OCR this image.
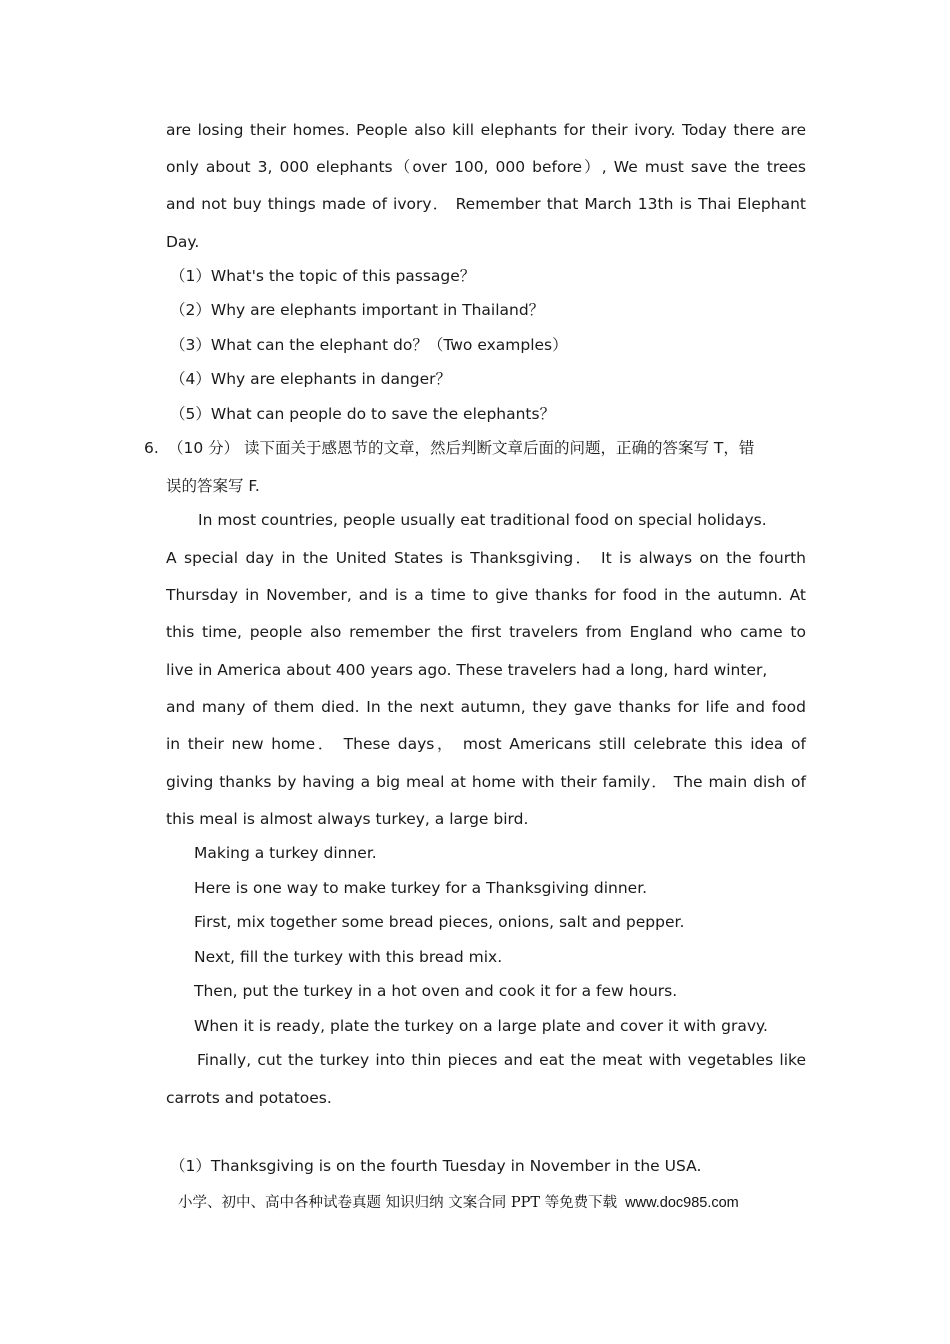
are losing their homes. People also kill elephants for their ivory. Today there are
only about 3, 000 elephants（over 100, 000 before）, We must save the trees
and not buy things made of ivory． Remember that March 13th is Thai Elephant
Day.
（1）What's the topic of this passage？
（2）Why are elephants important in Thailand？
（3）What can the elephant do？（Two examples）
（4）Why are elephants in danger？
（5）What can people do to save the elephants？
6. （10 分） 读下面关于感恩节的文章，然后判断文章后面的问题，正确的答案写 T，错
误的答案写 F.
In most countries, people usually eat traditional food on special holidays.
A special day in the United States is Thanksgiving． It is always on the fourth
Thursday in November, and is a time to give thanks for food in the autumn. At
this time, people also remember the first travelers from England who came to
live in America about 400 years ago. These travelers had a long, hard winter,
and many of them died. In the next autumn, they gave thanks for life and food
in their new home． These days， most Americans still celebrate this idea of
giving thanks by having a big meal at home with their family． The main dish of
this meal is almost always turkey, a large bird.
Making a turkey dinner.
Here is one way to make turkey for a Thanksgiving dinner.
First, mix together some bread pieces, onions, salt and pepper.
Next, fill the turkey with this bread mix.
Then, put the turkey in a hot oven and cook it for a few hours.
When it is ready, plate the turkey on a large plate and cover it with gravy.
Finally, cut the turkey into thin pieces and eat the meat with vegetables like
carrots and potatoes.
（1）Thanksgiving is on the fourth Tuesday in November in the USA.
小学、初中、高中各种试卷真题 知识归纳 文案合同 PPT 等免费下载 www.doc985.com
